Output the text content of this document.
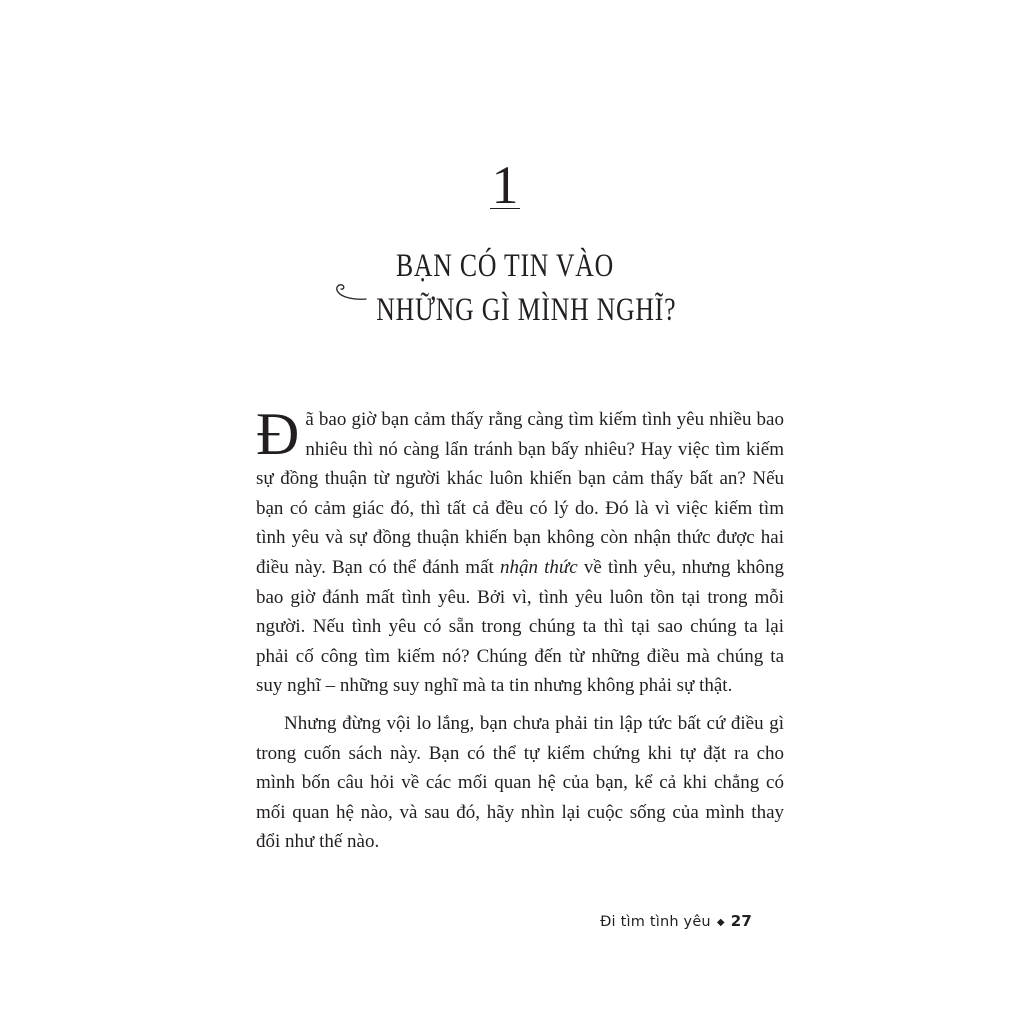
1
BẠN CÓ TIN VÀO
NHỮNG GÌ MÌNH NGHĨ?

Đã bao giờ bạn cảm thấy rằng càng tìm kiếm tình yêu nhiều bao nhiêu thì nó càng lẩn tránh bạn bấy nhiêu? Hay việc tìm kiếm sự đồng thuận từ người khác luôn khiến bạn cảm thấy bất an? Nếu bạn có cảm giác đó, thì tất cả đều có lý do. Đó là vì việc kiếm tìm tình yêu và sự đồng thuận khiến bạn không còn nhận thức được hai điều này. Bạn có thể đánh mất nhận thức về tình yêu, nhưng không bao giờ đánh mất tình yêu. Bởi vì, tình yêu luôn tồn tại trong mỗi người. Nếu tình yêu có sẵn trong chúng ta thì tại sao chúng ta lại phải cố công tìm kiếm nó? Chúng đến từ những điều mà chúng ta suy nghĩ – những suy nghĩ mà ta tin nhưng không phải sự thật.

Nhưng đừng vội lo lắng, bạn chưa phải tin lập tức bất cứ điều gì trong cuốn sách này. Bạn có thể tự kiểm chứng khi tự đặt ra cho mình bốn câu hỏi về các mối quan hệ của bạn, kể cả khi chẳng có mối quan hệ nào, và sau đó, hãy nhìn lại cuộc sống của mình thay đổi như thế nào.

Đi tìm tình yêu ◆ 27
